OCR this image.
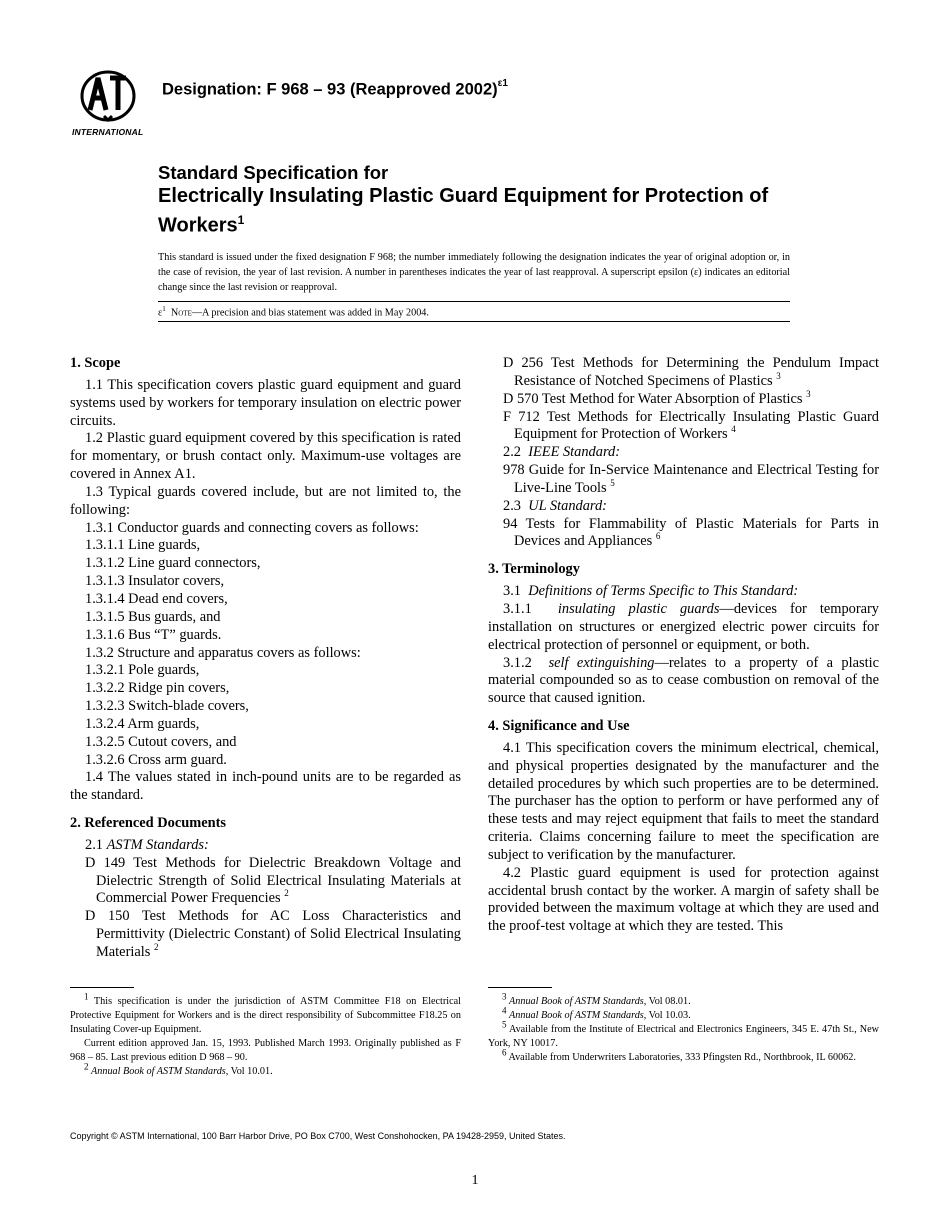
INTERNATIONAL
Designation: F 968 – 93 (Reapproved 2002)$^{\varepsilon 1}$
Standard Specification for
Electrically Insulating Plastic Guard Equipment for Protection of Workers$^1$
This standard is issued under the fixed designation F 968; the number immediately following the designation indicates the year of original adoption or, in the case of revision, the year of last revision. A number in parentheses indicates the year of last reapproval. A superscript epsilon (ε) indicates an editorial change since the last revision or reapproval.
$\varepsilon^1$ Note—A precision and bias statement was added in May 2004.

1. Scope

1.1 This specification covers plastic guard equipment and guard systems used by workers for temporary insulation on electric power circuits.

1.2 Plastic guard equipment covered by this specification is rated for momentary, or brush contact only. Maximum-use voltages are covered in Annex A1.

1.3 Typical guards covered include, but are not limited to, the following:

1.3.1 Conductor guards and connecting covers as follows:

1.3.1.1 Line guards,

1.3.1.2 Line guard connectors,

1.3.1.3 Insulator covers,

1.3.1.4 Dead end covers,

1.3.1.5 Bus guards, and

1.3.1.6 Bus “T” guards.

1.3.2 Structure and apparatus covers as follows:

1.3.2.1 Pole guards,

1.3.2.2 Ridge pin covers,

1.3.2.3 Switch-blade covers,

1.3.2.4 Arm guards,

1.3.2.5 Cutout covers, and

1.3.2.6 Cross arm guard.

1.4 The values stated in inch-pound units are to be regarded as the standard.

2. Referenced Documents

2.1 ASTM Standards:

D 149 Test Methods for Dielectric Breakdown Voltage and Dielectric Strength of Solid Electrical Insulating Materials at Commercial Power Frequencies $^2$

D 150 Test Methods for AC Loss Characteristics and Permittivity (Dielectric Constant) of Solid Electrical Insulating Materials $^2$

D 256 Test Methods for Determining the Pendulum Impact Resistance of Notched Specimens of Plastics $^3$

D 570 Test Method for Water Absorption of Plastics $^3$

F 712 Test Methods for Electrically Insulating Plastic Guard Equipment for Protection of Workers $^4$

2.2 IEEE Standard:

978 Guide for In-Service Maintenance and Electrical Testing for Live-Line Tools $^5$

2.3 UL Standard:

94 Tests for Flammability of Plastic Materials for Parts in Devices and Appliances $^6$

3. Terminology

3.1 Definitions of Terms Specific to This Standard:

3.1.1 insulating plastic guards—devices for temporary installation on structures or energized electric power circuits for electrical protection of personnel or equipment, or both.

3.1.2 self extinguishing—relates to a property of a plastic material compounded so as to cease combustion on removal of the source that caused ignition.

4. Significance and Use

4.1 This specification covers the minimum electrical, chemical, and physical properties designated by the manufacturer and the detailed procedures by which such properties are to be determined. The purchaser has the option to perform or have performed any of these tests and may reject equipment that fails to meet the standard criteria. Claims concerning failure to meet the specification are subject to verification by the manufacturer.

4.2 Plastic guard equipment is used for protection against accidental brush contact by the worker. A margin of safety shall be provided between the maximum voltage at which they are used and the proof-test voltage at which they are tested. This

$^1$ This specification is under the jurisdiction of ASTM Committee F18 on Electrical Protective Equipment for Workers and is the direct responsibility of Subcommittee F18.25 on Insulating Cover-up Equipment.

Current edition approved Jan. 15, 1993. Published March 1993. Originally published as F 968 – 85. Last previous edition D 968 – 90.

$^2$ Annual Book of ASTM Standards, Vol 10.01.

$^3$ Annual Book of ASTM Standards, Vol 08.01.

$^4$ Annual Book of ASTM Standards, Vol 10.03.

$^5$ Available from the Institute of Electrical and Electronics Engineers, 345 E. 47th St., New York, NY 10017.

$^6$ Available from Underwriters Laboratories, 333 Pfingsten Rd., Northbrook, IL 60062.

Copyright © ASTM International, 100 Barr Harbor Drive, PO Box C700, West Conshohocken, PA 19428-2959, United States.
1
